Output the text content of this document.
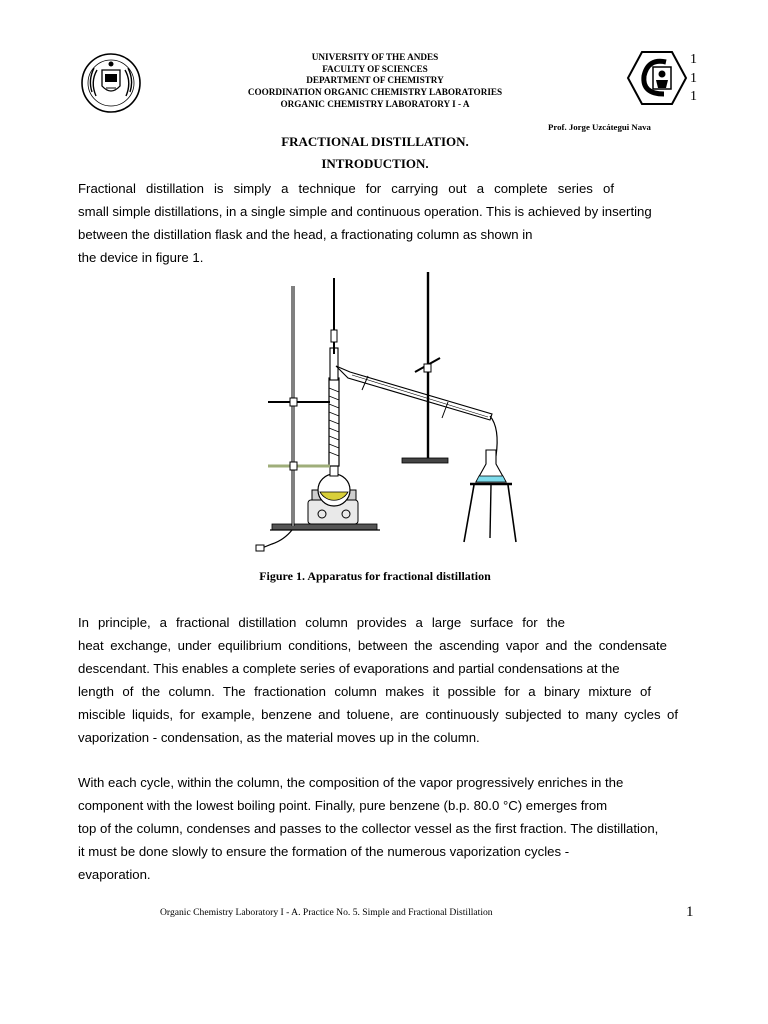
UNIVERSITY OF THE ANDES
FACULTY OF SCIENCES
DEPARTMENT OF CHEMISTRY
COORDINATION ORGANIC CHEMISTRY LABORATORIES
ORGANIC CHEMISTRY LABORATORY I - A
1
1
1
Prof. Jorge Uzcátegui Nava
FRACTIONAL DISTILLATION.
INTRODUCTION.
Fractional distillation is simply a technique for carrying out a complete series of
small simple distillations, in a single simple and continuous operation. This is achieved by inserting
between the distillation flask and the head, a fractionating column as shown in
the device in figure 1.
Figure 1. Apparatus for fractional distillation
In principle, a fractional distillation column provides a large surface for the
heat exchange, under equilibrium conditions, between the ascending vapor and the condensate
descendant. This enables a complete series of evaporations and partial condensations at the
length of the column. The fractionation column makes it possible for a binary mixture of
miscible liquids, for example, benzene and toluene, are continuously subjected to many cycles of
vaporization - condensation, as the material moves up in the column.
With each cycle, within the column, the composition of the vapor progressively enriches in the
component with the lowest boiling point. Finally, pure benzene (b.p. 80.0 °C) emerges from
top of the column, condenses and passes to the collector vessel as the first fraction. The distillation,
it must be done slowly to ensure the formation of the numerous vaporization cycles -
evaporation.
Organic Chemistry Laboratory I - A. Practice No. 5. Simple and Fractional Distillation	1
